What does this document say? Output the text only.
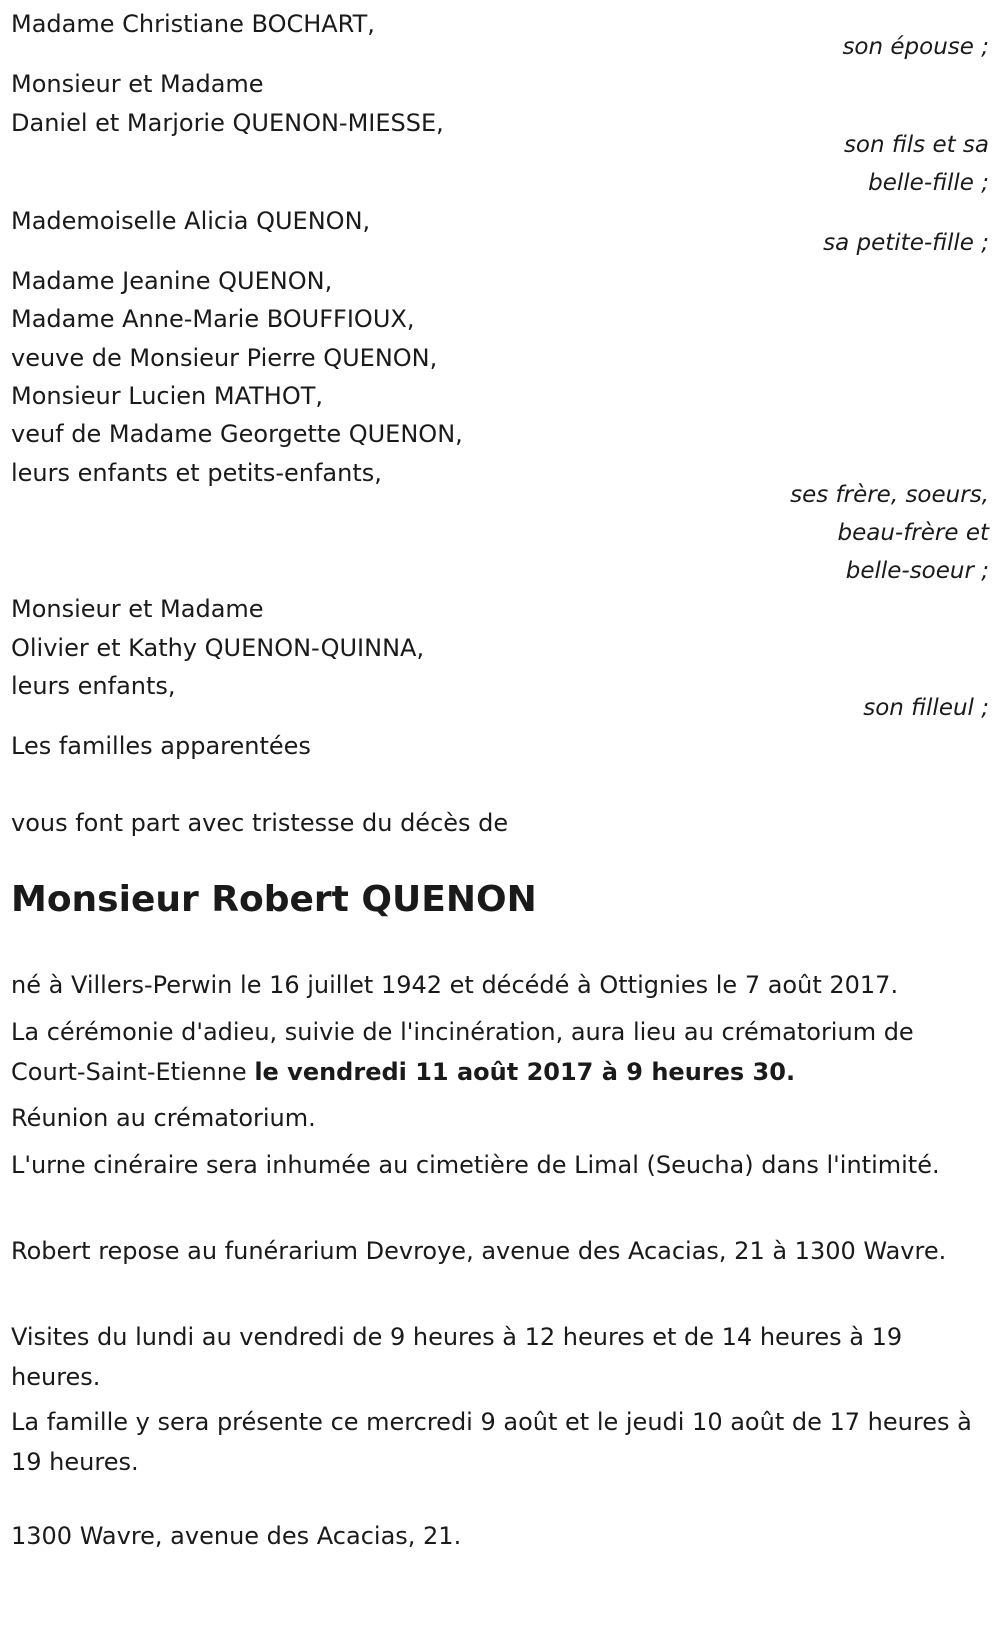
Madame Christiane BOCHART,
son épouse ;
Monsieur et Madame
Daniel et Marjorie QUENON-MIESSE,
son fils et sa
belle-fille ;
Mademoiselle Alicia QUENON,
sa petite-fille ;
Madame Jeanine QUENON,
Madame Anne-Marie BOUFFIOUX,
veuve de Monsieur Pierre QUENON,
Monsieur Lucien MATHOT,
veuf de Madame Georgette QUENON,
leurs enfants et petits-enfants,
ses frère, soeurs,
beau-frère et
belle-soeur ;
Monsieur et Madame
Olivier et Kathy QUENON-QUINNA,
leurs enfants,
son filleul ;
Les familles apparentées
vous font part avec tristesse du décès de
Monsieur Robert QUENON
né à Villers-Perwin le 16 juillet 1942 et décédé à Ottignies le 7 août 2017.
La cérémonie d'adieu, suivie de l'incinération, aura lieu au crématorium de Court-Saint-Etienne le vendredi 11 août 2017 à 9 heures 30.
Réunion au crématorium.
L'urne cinéraire sera inhumée au cimetière de Limal (Seucha) dans l'intimité.
Robert repose au funérarium Devroye, avenue des Acacias, 21 à 1300 Wavre.
Visites du lundi au vendredi de 9 heures à 12 heures et de 14 heures à 19 heures.
La famille y sera présente ce mercredi 9 août et le jeudi 10 août de 17 heures à 19 heures.
1300 Wavre, avenue des Acacias, 21.
